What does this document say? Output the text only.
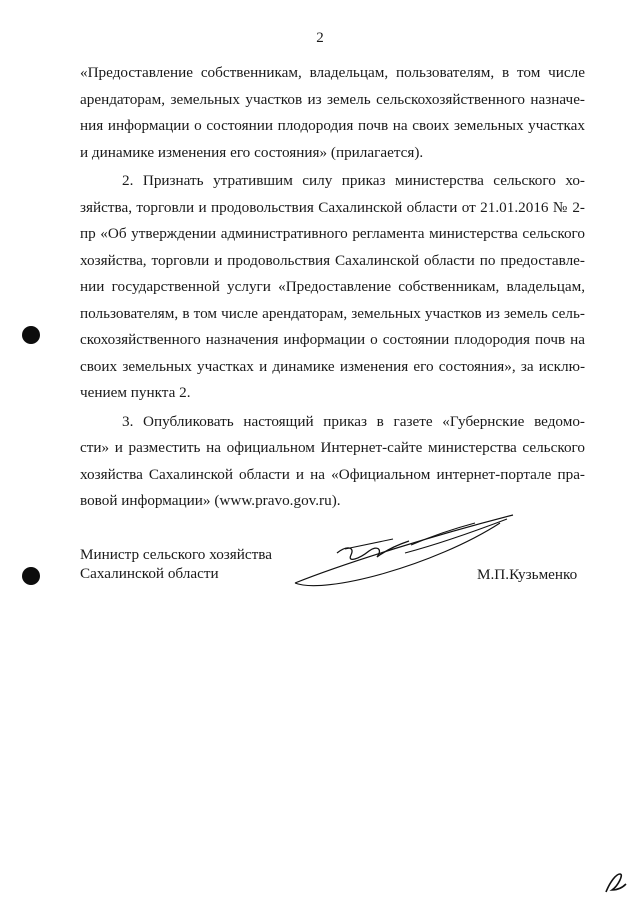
2
«Предоставление собственникам, владельцам, пользователям, в том числе
арендаторам, земельных участков из земель сельскохозяйственного назначе-
ния информации о состоянии плодородия почв на своих земельных участках
и динамике изменения его состояния» (прилагается).
2. Признать утратившим силу приказ министерства сельского хо-
зяйства, торговли и продовольствия Сахалинской области от 21.01.2016 № 2-
пр «Об утверждении административного регламента министерства сельского
хозяйства, торговли и продовольствия Сахалинской области по предоставле-
нии государственной услуги «Предоставление собственникам, владельцам,
пользователям, в том числе арендаторам, земельных участков из земель сель-
скохозяйственного назначения информации о состоянии плодородия почв на
своих земельных участках и динамике изменения его состояния», за исклю-
чением пункта 2.
3. Опубликовать настоящий приказ в газете «Губернские ведомо-
сти» и разместить на официальном Интернет-сайте министерства сельского
хозяйства Сахалинской области и на «Официальном интернет-портале пра-
вовой информации» (www.pravo.gov.ru).
Министр сельского хозяйства
Сахалинской области	М.П.Кузьменко
